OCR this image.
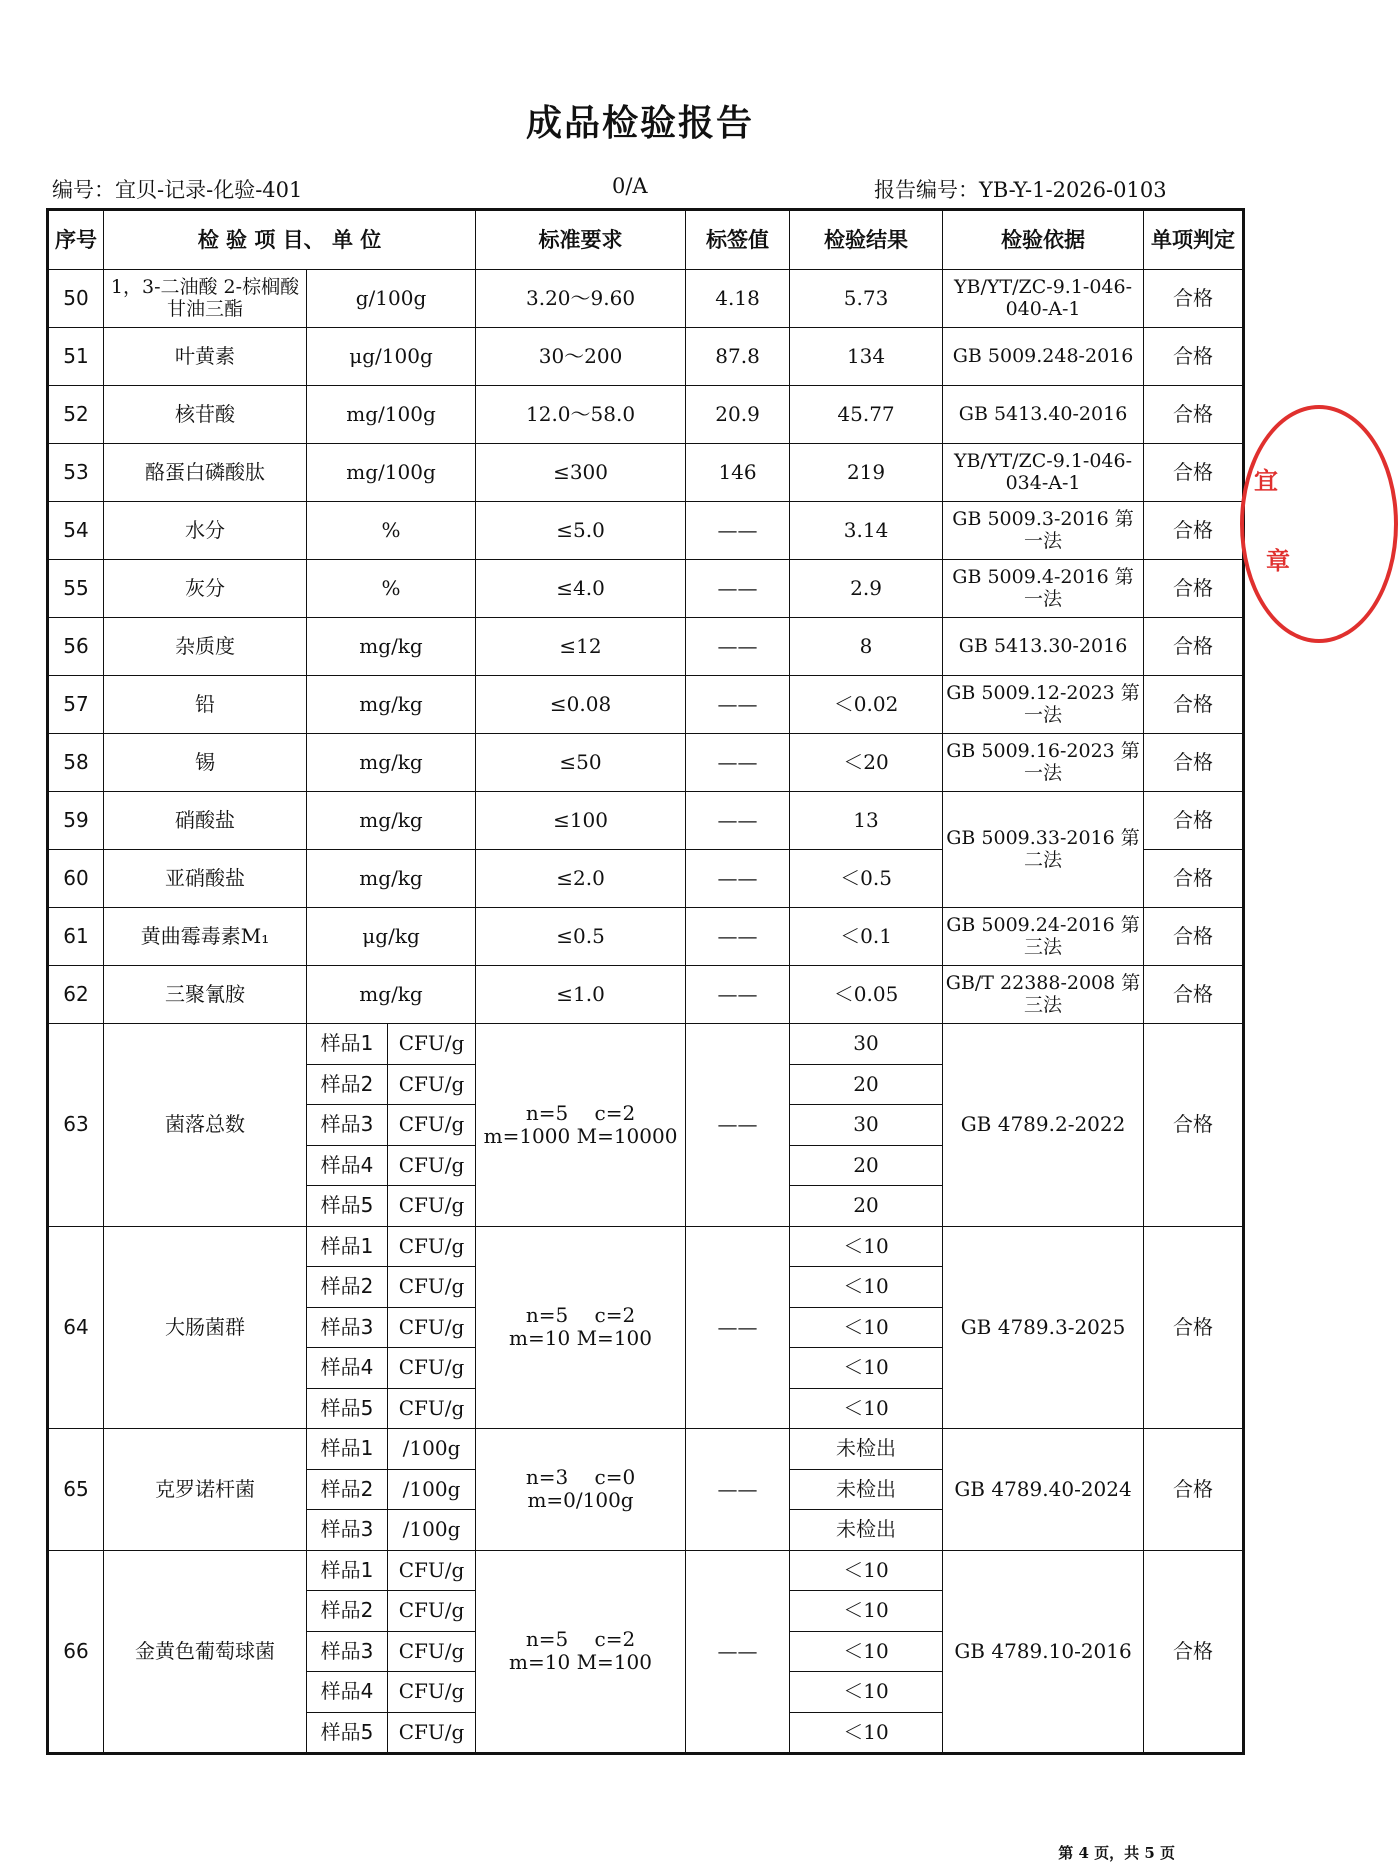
成品检验报告
编号：宜贝-记录-化验-401	0/A	报告编号：YB-Y-1-2026-0103
序号	检 验 项 目、 单 位			标准要求	标签值	检验结果	检验依据	单项判定
50	1，3-二油酸 2-棕榈酸甘油三酯	g/100g		3.20～9.60	4.18	5.73	YB/YT/ZC-9.1-046-040-A-1	合格
51	叶黄素	μg/100g		30～200	87.8	134	GB 5009.248-2016	合格
52	核苷酸	mg/100g		12.0～58.0	20.9	45.77	GB 5413.40-2016	合格
53	酪蛋白磷酸肽	mg/100g		≤300	146	219	YB/YT/ZC-9.1-046-034-A-1	合格
54	水分	%		≤5.0	——	3.14	GB 5009.3-2016 第一法	合格
55	灰分	%		≤4.0	——	2.9	GB 5009.4-2016 第一法	合格
56	杂质度	mg/kg		≤12	——	8	GB 5413.30-2016	合格
57	铅	mg/kg		≤0.08	——	＜0.02	GB 5009.12-2023 第一法	合格
58	锡	mg/kg		≤50	——	＜20	GB 5009.16-2023 第一法	合格
59	硝酸盐	mg/kg		≤100	——	13	GB 5009.33-2016 第二法	合格
60	亚硝酸盐	mg/kg		≤2.0	——	＜0.5		合格
61	黄曲霉毒素M₁	μg/kg		≤0.5	——	＜0.1	GB 5009.24-2016 第三法	合格
62	三聚氰胺	mg/kg		≤1.0	——	＜0.05	GB/T 22388-2008 第三法	合格
63	菌落总数	样品1	CFU/g	n=5　 c=2
m=1000 M=10000	——	30	GB 4789.2-2022	合格
		样品2	CFU/g			20		
		样品3	CFU/g			30		
		样品4	CFU/g			20		
		样品5	CFU/g			20		
64	大肠菌群	样品1	CFU/g	n=5　 c=2
m=10 M=100	——	＜10	GB 4789.3-2025	合格
		样品2	CFU/g			＜10		
		样品3	CFU/g			＜10		
		样品4	CFU/g			＜10		
		样品5	CFU/g			＜10		
65	克罗诺杆菌	样品1	/100g	n=3　 c=0
m=0/100g	——	未检出	GB 4789.40-2024	合格
		样品2	/100g			未检出		
		样品3	/100g			未检出		
66	金黄色葡萄球菌	样品1	CFU/g	n=5　 c=2
m=10 M=100	——	＜10	GB 4789.10-2016	合格
		样品2	CFU/g			＜10		
		样品3	CFU/g			＜10		
		样品4	CFU/g			＜10		
		样品5	CFU/g			＜10		
宜
章
第 4 页，共 5 页
